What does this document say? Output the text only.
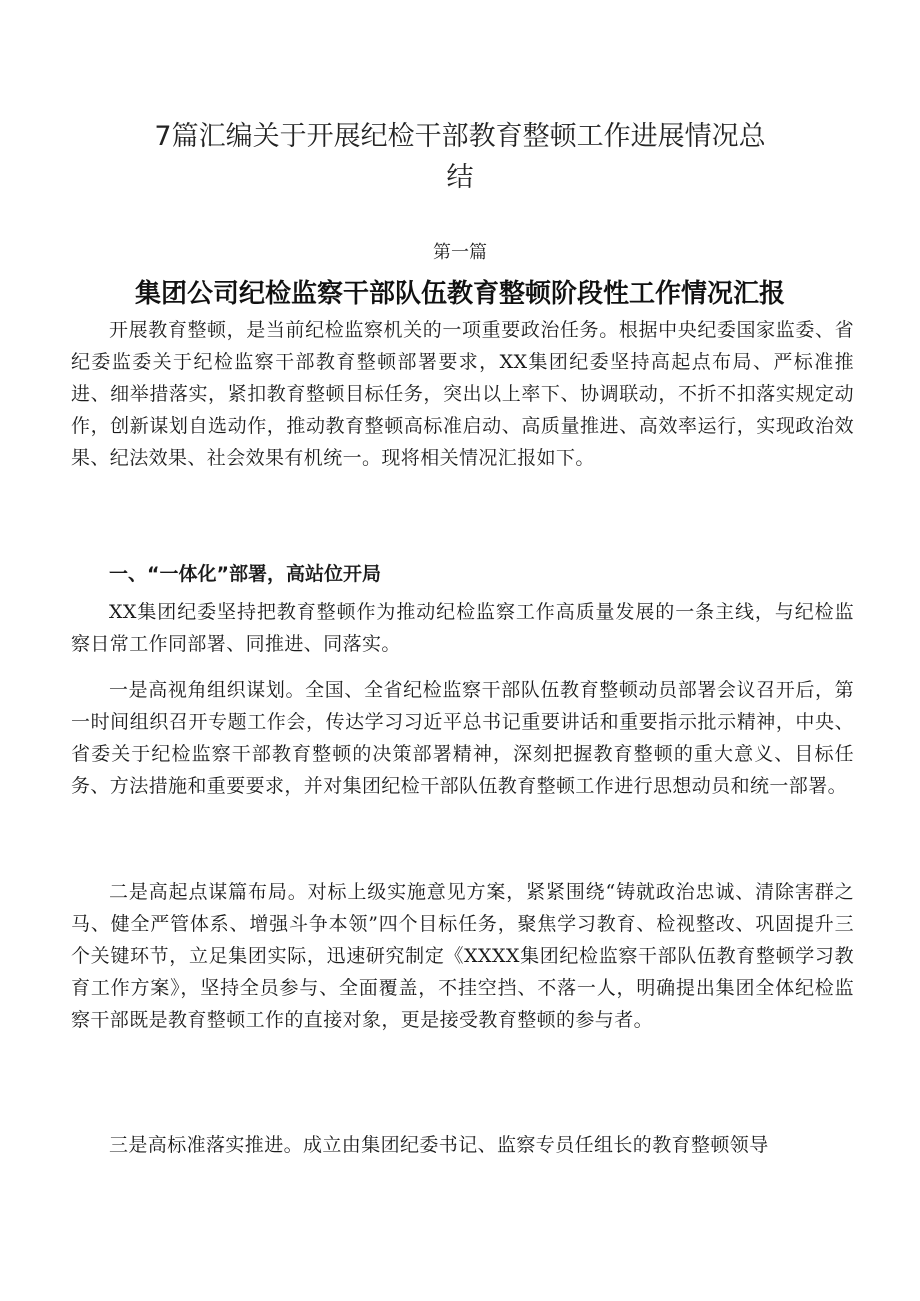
7篇汇编关于开展纪检干部教育整顿工作进展情况总
结

第一篇

集团公司纪检监察干部队伍教育整顿阶段性工作情况汇报

开展教育整顿，是当前纪检监察机关的一项重要政治任务。根据中央纪委国家监委、省纪委监委关于纪检监察干部教育整顿部署要求，XX集团纪委坚持高起点布局、严标准推进、细举措落实，紧扣教育整顿目标任务，突出以上率下、协调联动，不折不扣落实规定动作，创新谋划自选动作，推动教育整顿高标准启动、高质量推进、高效率运行，实现政治效果、纪法效果、社会效果有机统一。现将相关情况汇报如下。

一、“一体化”部署，高站位开局

XX集团纪委坚持把教育整顿作为推动纪检监察工作高质量发展的一条主线，与纪检监察日常工作同部署、同推进、同落实。

一是高视角组织谋划。全国、全省纪检监察干部队伍教育整顿动员部署会议召开后，第一时间组织召开专题工作会，传达学习习近平总书记重要讲话和重要指示批示精神，中央、省委关于纪检监察干部教育整顿的决策部署精神，深刻把握教育整顿的重大意义、目标任务、方法措施和重要要求，并对集团纪检干部队伍教育整顿工作进行思想动员和统一部署。

二是高起点谋篇布局。对标上级实施意见方案，紧紧围绕“铸就政治忠诚、清除害群之马、健全严管体系、增强斗争本领”四个目标任务，聚焦学习教育、检视整改、巩固提升三个关键环节，立足集团实际，迅速研究制定《XXXX集团纪检监察干部队伍教育整顿学习教育工作方案》，坚持全员参与、全面覆盖，不挂空挡、不落一人，明确提出集团全体纪检监察干部既是教育整顿工作的直接对象，更是接受教育整顿的参与者。

三是高标准落实推进。成立由集团纪委书记、监察专员任组长的教育整顿领导
